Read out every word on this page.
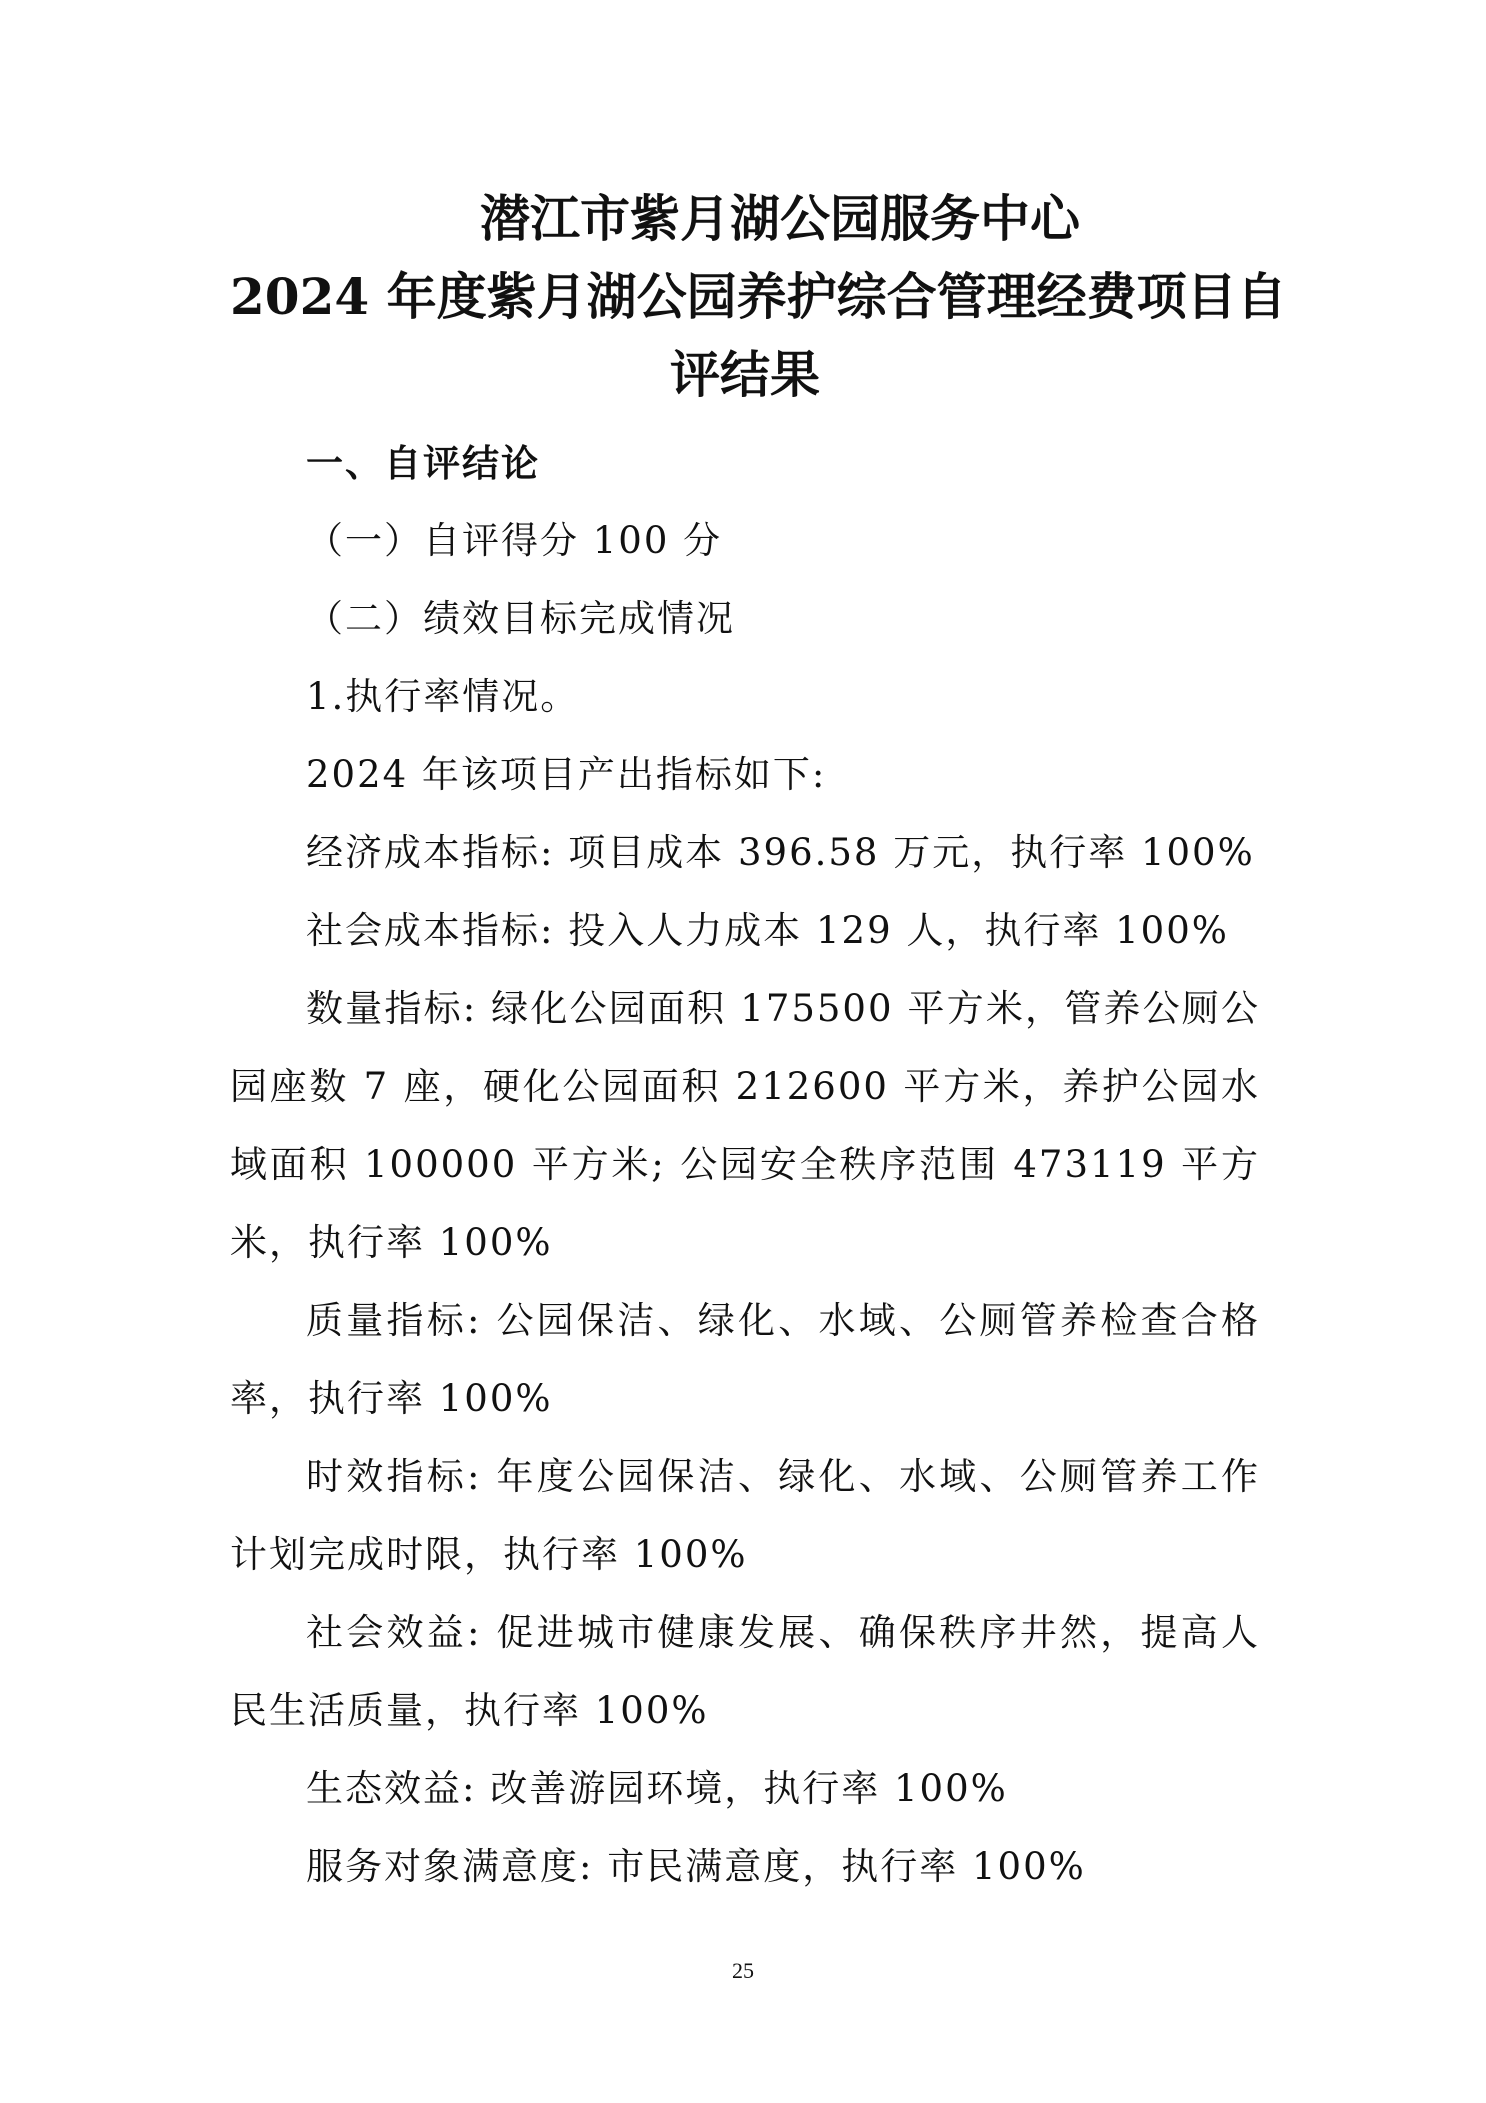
潜江市紫月湖公园服务中心
2024 年度紫月湖公园养护综合管理经费项目自
评结果

一、自评结论

（一）自评得分 100 分

（二）绩效目标完成情况

1.执行率情况。

2024 年该项目产出指标如下:

经济成本指标: 项目成本 396.58 万元，执行率 100%

社会成本指标: 投入人力成本 129 人，执行率 100%

数量指标: 绿化公园面积 175500 平方米，管养公厕公园座数 7 座，硬化公园面积 212600 平方米，养护公园水域面积 100000 平方米; 公园安全秩序范围 473119 平方米，执行率 100%

质量指标: 公园保洁、绿化、水域、公厕管养检查合格率，执行率 100%

时效指标: 年度公园保洁、绿化、水域、公厕管养工作计划完成时限，执行率 100%

社会效益: 促进城市健康发展、确保秩序井然，提高人民生活质量，执行率 100%

生态效益: 改善游园环境，执行率 100%

服务对象满意度: 市民满意度，执行率 100%

25
